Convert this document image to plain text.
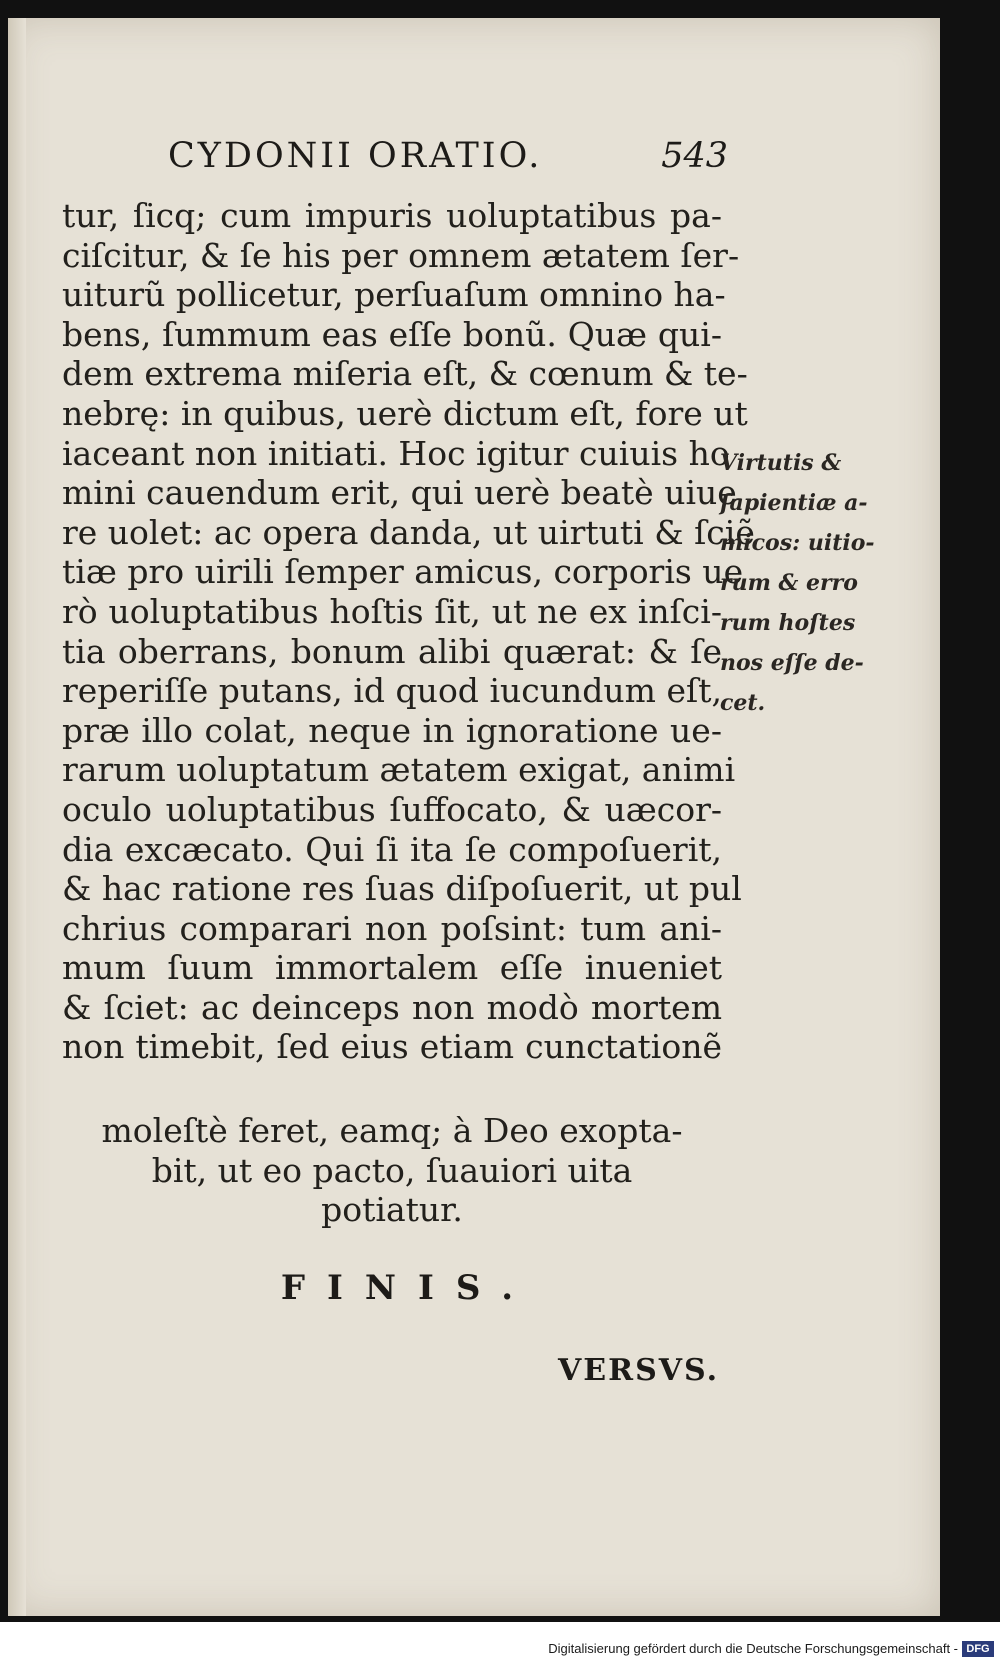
CYDONII ORATIO.	543
tur, ſicq; cum impuris uoluptatibus pa-
ciſcitur, & ſe his per omnem ætatem ſer-
uiturũ pollicetur, perſuaſum omnino ha-
bens, ſummum eas eſſe bonũ. Quæ qui-
dem extrema miſeria eſt, & cœnum & te-
nebrę: in quibus, uerè dictum eſt, fore ut
iaceant non initiati. Hoc igitur cuiuis ho
mini cauendum erit, qui uerè beatè uiue
re uolet: ac opera danda, ut uirtuti & ſciẽ
tiæ pro uirili ſemper amicus, corporis ue
rò uoluptatibus hoſtis ſit, ut ne ex inſci-
tia oberrans, bonum alibi quærat: & ſe
reperiſſe putans, id quod iucundum eſt,
præ illo colat, neque in ignoratione ue-
rarum uoluptatum ætatem exigat, animi
oculo uoluptatibus ſuffocato, & uæcor-
dia excæcato. Qui ſi ita ſe compoſuerit,
& hac ratione res ſuas diſpoſuerit, ut pul
chrius comparari non poſsint: tum ani-
mum ſuum immortalem eſſe inueniet
& ſciet: ac deinceps non modò mortem
non timebit, ſed eius etiam cunctationẽ
moleſtè feret, eamq; à Deo exopta-
bit, ut eo pacto, ſuauiori uita
potiatur.
FINIS.
VERSVS.
Virtutis &
ſapientiæ a-
micos: uitio-
rum & erro
rum hoſtes
nos eſſe de-
cet.
Digitalisierung gefördert durch die Deutsche Forschungsgemeinschaft - DFG
